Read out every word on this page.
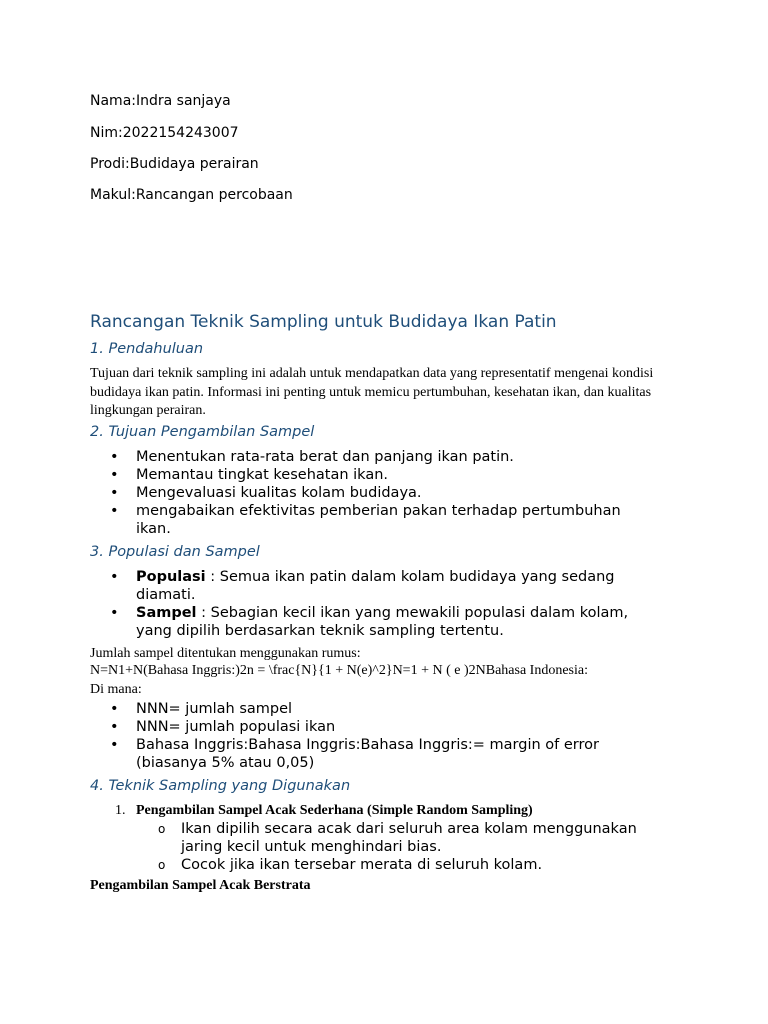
Nama:Indra sanjaya
Nim:2022154243007
Prodi:Budidaya perairan
Makul:Rancangan percobaan
Rancangan Teknik Sampling untuk Budidaya Ikan Patin
1. Pendahuluan
Tujuan dari teknik sampling ini adalah untuk mendapatkan data yang representatif mengenai kondisi budidaya ikan patin. Informasi ini penting untuk memicu pertumbuhan, kesehatan ikan, dan kualitas lingkungan perairan.
2. Tujuan Pengambilan Sampel
• Menentukan rata-rata berat dan panjang ikan patin.
• Memantau tingkat kesehatan ikan.
• Mengevaluasi kualitas kolam budidaya.
• mengabaikan efektivitas pemberian pakan terhadap pertumbuhan ikan.
3. Populasi dan Sampel
• Populasi : Semua ikan patin dalam kolam budidaya yang sedang diamati.
• Sampel : Sebagian kecil ikan yang mewakili populasi dalam kolam, yang dipilih berdasarkan teknik sampling tertentu.
Jumlah sampel ditentukan menggunakan rumus:
N=N1+N(Bahasa Inggris:)2n = \frac{N}{1 + N(e)^2}N=1 + N ( e )2NBahasa Indonesia:
Di mana:
• NNN= jumlah sampel
• NNN= jumlah populasi ikan
• Bahasa Inggris:Bahasa Inggris:Bahasa Inggris:= margin of error (biasanya 5% atau 0,05)
4. Teknik Sampling yang Digunakan
1. Pengambilan Sampel Acak Sederhana (Simple Random Sampling)
o Ikan dipilih secara acak dari seluruh area kolam menggunakan jaring kecil untuk menghindari bias.
o Cocok jika ikan tersebar merata di seluruh kolam.
Pengambilan Sampel Acak Berstrata
